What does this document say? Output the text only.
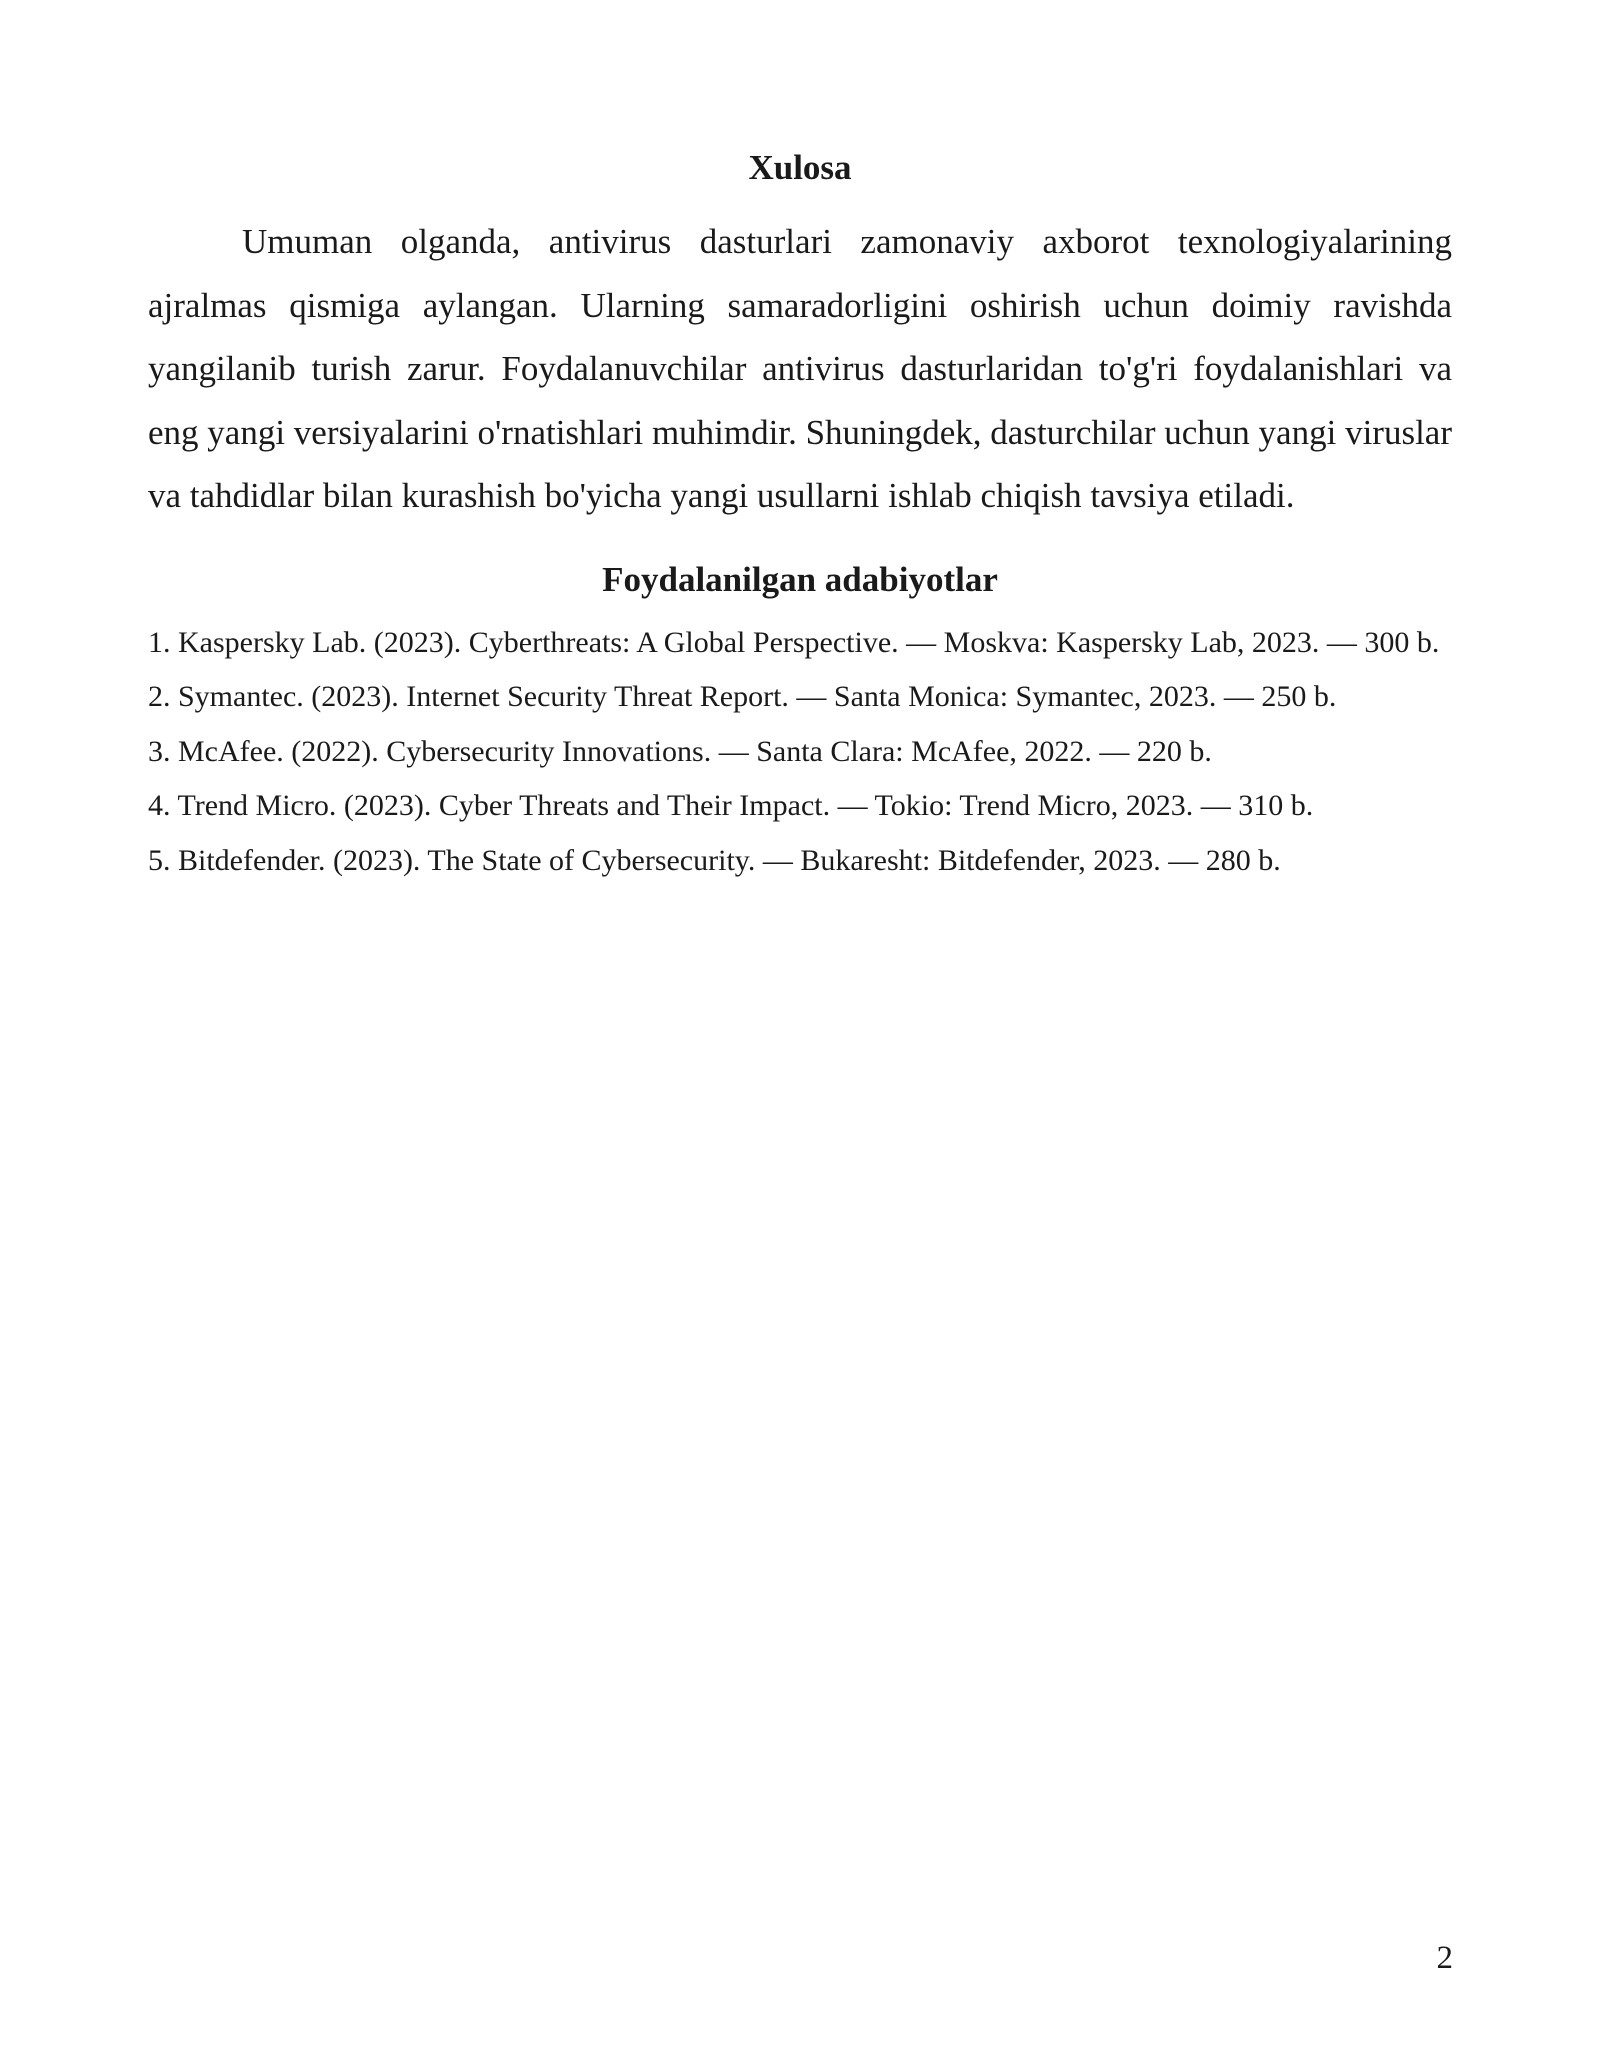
Xulosa

Umuman olganda, antivirus dasturlari zamonaviy axborot texnologiyalarining ajralmas qismiga aylangan. Ularning samaradorligini oshirish uchun doimiy ravishda yangilanib turish zarur. Foydalanuvchilar antivirus dasturlaridan to'g'ri foydalanishlari va eng yangi versiyalarini o'rnatishlari muhimdir. Shuningdek, dasturchilar uchun yangi viruslar va tahdidlar bilan kurashish bo'yicha yangi usullarni ishlab chiqish tavsiya etiladi.

Foydalanilgan adabiyotlar
1. Kaspersky Lab. (2023). Cyberthreats: A Global Perspective. — Moskva: Kaspersky Lab, 2023. — 300 b.
2. Symantec. (2023). Internet Security Threat Report. — Santa Monica: Symantec, 2023. — 250 b.
3. McAfee. (2022). Cybersecurity Innovations. — Santa Clara: McAfee, 2022. — 220 b.
4. Trend Micro. (2023). Cyber Threats and Their Impact. — Tokio: Trend Micro, 2023. — 310 b.
5. Bitdefender. (2023). The State of Cybersecurity. — Bukaresht: Bitdefender, 2023. — 280 b.
2
